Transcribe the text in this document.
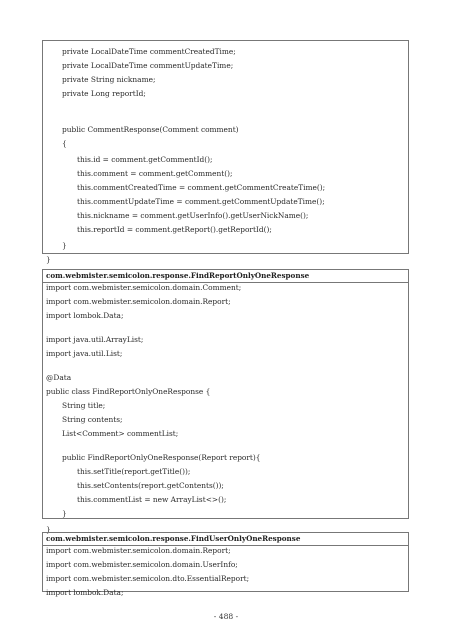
private LocalDateTime commentCreatedTime;
private LocalDateTime commentUpdateTime;
private String nickname;
private Long reportId;
public CommentResponse(Comment comment)
{
this.id = comment.getCommentId();
this.comment = comment.getComment();
this.commentCreatedTime = comment.getCommentCreateTime();
this.commentUpdateTime = comment.getCommentUpdateTime();
this.nickname = comment.getUserInfo().getUserNickName();
this.reportId = comment.getReport().getReportId();
}
}
com.webmister.semicolon.response.FindReportOnlyOneResponse
import com.webmister.semicolon.domain.Comment;
import com.webmister.semicolon.domain.Report;
import lombok.Data;
import java.util.ArrayList;
import java.util.List;
@Data
public class FindReportOnlyOneResponse {
String title;
String contents;
List<Comment> commentList;
public FindReportOnlyOneResponse(Report report){
this.setTitle(report.getTitle());
this.setContents(report.getContents());
this.commentList = new ArrayList<>();
}
}
com.webmister.semicolon.response.FindUserOnlyOneResponse
import com.webmister.semicolon.domain.Report;
import com.webmister.semicolon.domain.UserInfo;
import com.webmister.semicolon.dto.EssentialReport;
import lombok.Data;
- 488 -
